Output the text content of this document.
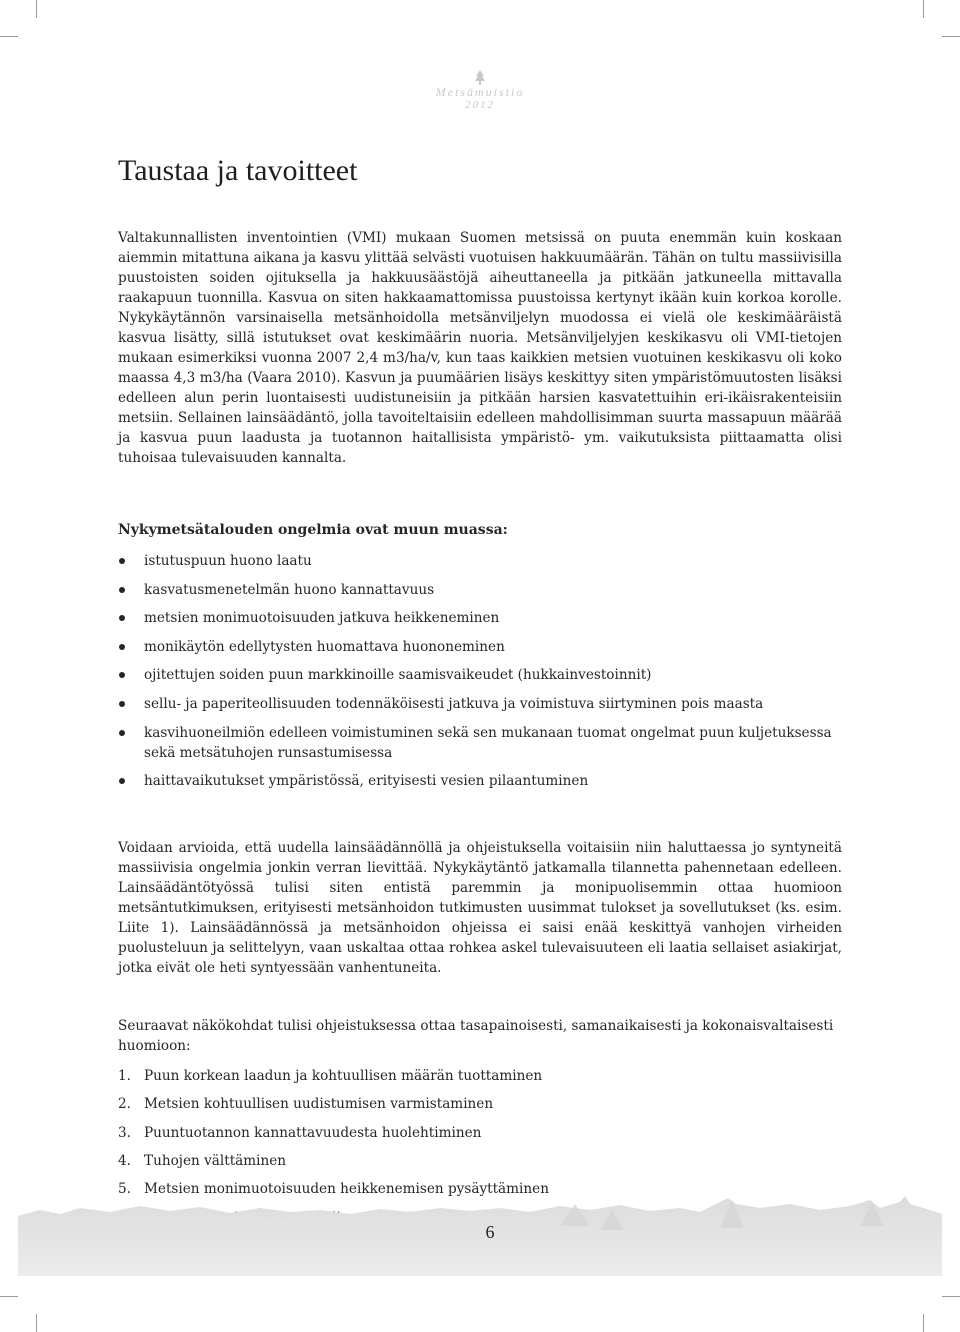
Metsämuistio
2012
Taustaa ja tavoitteet

Valtakunnallisten inventointien (VMI) mukaan Suomen metsissä on puuta enemmän kuin koskaan aiemmin mitattuna aikana ja kasvu ylittää selvästi vuotuisen hakkuumäärän. Tähän on tultu massiivisilla puustoisten soiden ojituksella ja hakkuusäästöjä aiheuttaneella ja pitkään jatkuneella mittavalla raakapuun tuonnilla. Kasvua on siten hakkaamattomissa puustoissa kertynyt ikään kuin korkoa korolle. Nykykäytännön varsinaisella metsänhoidolla metsänviljelyn muodossa ei vielä ole keskimääräistä kasvua lisätty, sillä istutukset ovat keskimäärin nuoria. Metsänviljelyjen keskikasvu oli VMI-tietojen mukaan esimerkiksi vuonna 2007 2,4 m3/ha/v, kun taas kaikkien metsien vuotuinen keskikasvu oli koko maassa 4,3 m3/ha (Vaara 2010). Kasvun ja puumäärien lisäys keskittyy siten ympäristömuutosten lisäksi edelleen alun perin luontaisesti uudistuneisiin ja pitkään harsien kasvatettuihin eri-ikäisrakenteisiin metsiin. Sellainen lainsäädäntö, jolla tavoiteltaisiin edelleen mahdollisimman suurta massapuun määrää ja kasvua puun laadusta ja tuotannon haitallisista ympäristö- ym. vaikutuksista piittaamatta olisi tuhoisaa tulevaisuuden kannalta.

Nykymetsätalouden ongelmia ovat muun muassa:

istutuspuun huono laatu
kasvatusmenetelmän huono kannattavuus
metsien monimuotoisuuden jatkuva heikkeneminen
monikäytön edellytysten huomattava huononeminen
ojitettujen soiden puun markkinoille saamisvaikeudet (hukkainvestoinnit)
sellu- ja paperiteollisuuden todennäköisesti jatkuva ja voimistuva siirtyminen pois maasta
kasvihuoneilmiön edelleen voimistuminen sekä sen mukanaan tuomat ongelmat puun kuljetuksessa sekä metsätuhojen runsastumisessa
haittavaikutukset ympäristössä, erityisesti vesien pilaantuminen

Voidaan arvioida, että uudella lainsäädännöllä ja ohjeistuksella voitaisiin niin haluttaessa jo syntyneitä massiivisia ongelmia jonkin verran lievittää. Nykykäytäntö jatkamalla tilannetta pahennetaan edelleen. Lainsäädäntötyössä tulisi siten entistä paremmin ja monipuolisemmin ottaa huomioon metsäntutkimuksen, erityisesti metsänhoidon tutkimusten uusimmat tulokset ja sovellutukset (ks. esim. Liite 1). Lainsäädännössä ja metsänhoidon ohjeissa ei saisi enää keskittyä vanhojen virheiden puolusteluun ja selittelyyn, vaan uskaltaa ottaa rohkea askel tulevaisuuteen eli laatia sellaiset asiakirjat, jotka eivät ole heti syntyessään vanhentuneita.

Seuraavat näkökohdat tulisi ohjeistuksessa ottaa tasapainoisesti, samanaikaisesti ja kokonaisvaltaisesti huomioon:

1. Puun korkean laadun ja kohtuullisen määrän tuottaminen
2. Metsien kohtuullisen uudistumisen varmistaminen
3. Puuntuotannon kannattavuudesta huolehtiminen
4. Tuhojen välttäminen
5. Metsien monimuotoisuuden heikkenemisen pysäyttäminen
6
